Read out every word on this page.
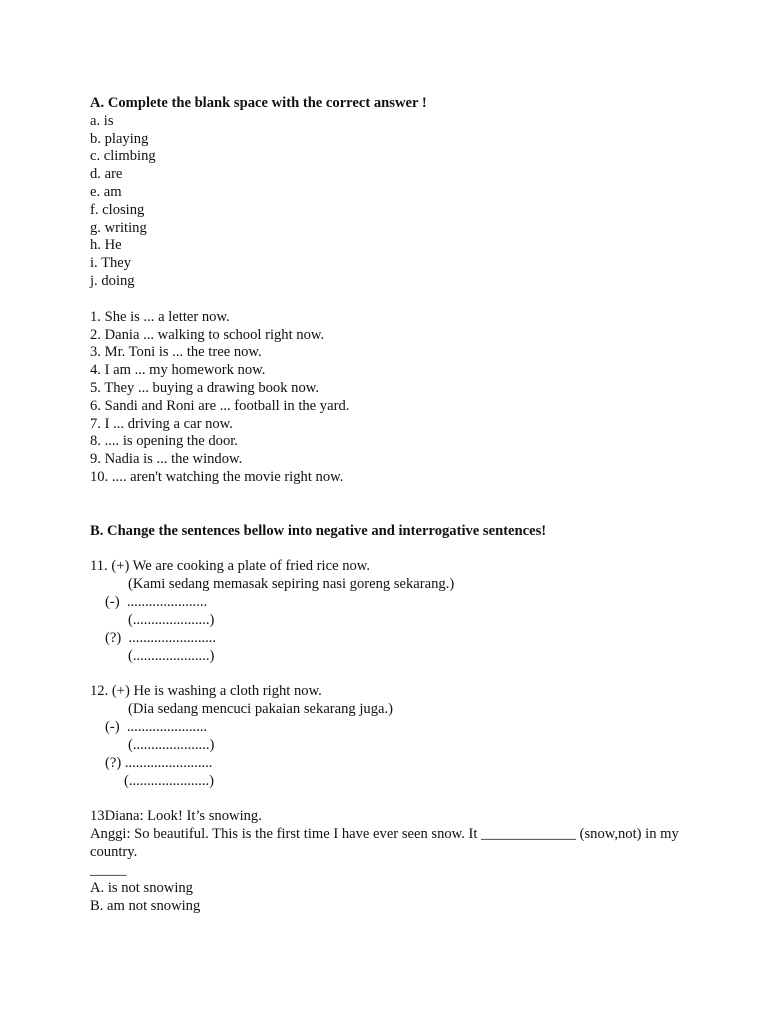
A. Complete the blank space with the correct answer !
a. is
b. playing
c. climbing
d. are
e. am
f. closing
g. writing
h. He
i. They
j. doing
1. She is ... a letter now.
2. Dania ... walking to school right now.
3. Mr. Toni is ... the tree now.
4. I am ... my homework now.
5. They ... buying a drawing book now.
6. Sandi and Roni are ... football in the yard.
7. I ... driving a car now.
8. .... is opening the door.
9. Nadia is ... the window.
10. .... aren't watching the movie right now.
B. Change the sentences bellow into negative and interrogative sentences!
11. (+) We are cooking a plate of fried rice now.
(Kami sedang memasak sepiring nasi goreng sekarang.)
(-)  ......................
(.....................)
(?)  ........................
(.....................)
12. (+) He is washing a cloth right now.
(Dia sedang mencuci pakaian sekarang juga.)
(-)  ......................
(.....................)
(?) ........................
(......................)
13Diana: Look! It’s snowing.
Anggi: So beautiful. This is the first time I have ever seen snow. It _____________ (snow,not) in my country.
_____
A. is not snowing
B. am not snowing
